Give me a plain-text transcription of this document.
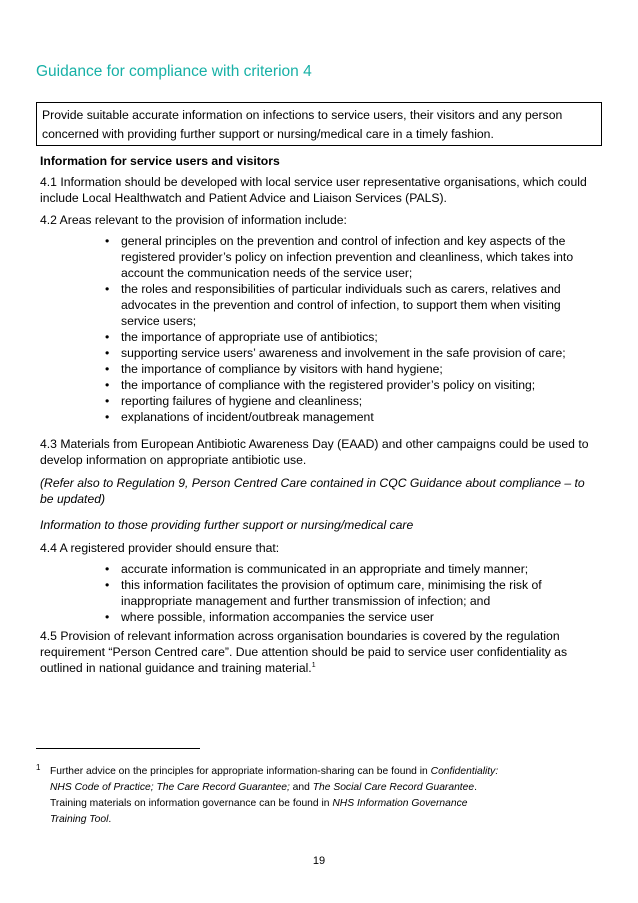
Guidance for compliance with criterion 4
Provide suitable accurate information on infections to service users, their visitors and any person concerned with providing further support or nursing/medical care in a timely fashion.
Information for service users and visitors
4.1 Information should be developed with local service user representative organisations, which could include Local Healthwatch and Patient Advice and Liaison Services (PALS).
4.2 Areas relevant to the provision of information include:
• general principles on the prevention and control of infection and key aspects of the registered provider’s policy on infection prevention and cleanliness, which takes into account the communication needs of the service user;
• the roles and responsibilities of particular individuals such as carers, relatives and advocates in the prevention and control of infection, to support them when visiting service users;
• the importance of appropriate use of antibiotics;
• supporting service users’ awareness and involvement in the safe provision of care;
• the importance of compliance by visitors with hand hygiene;
• the importance of compliance with the registered provider’s policy on visiting;
• reporting failures of hygiene and cleanliness;
• explanations of incident/outbreak management
4.3 Materials from European Antibiotic Awareness Day (EAAD) and other campaigns could be used to develop information on appropriate antibiotic use.
(Refer also to Regulation 9, Person Centred Care contained in CQC Guidance about compliance – to be updated)
Information to those providing further support or nursing/medical care
4.4 A registered provider should ensure that:
• accurate information is communicated in an appropriate and timely manner;
• this information facilitates the provision of optimum care, minimising the risk of inappropriate management and further transmission of infection; and
• where possible, information accompanies the service user
4.5 Provision of relevant information across organisation boundaries is covered by the regulation requirement “Person Centred care”. Due attention should be paid to service user confidentiality as outlined in national guidance and training material.$^1$
1 Further advice on the principles for appropriate information-sharing can be found in Confidentiality: NHS Code of Practice; The Care Record Guarantee; and The Social Care Record Guarantee. Training materials on information governance can be found in NHS Information Governance Training Tool.
19
